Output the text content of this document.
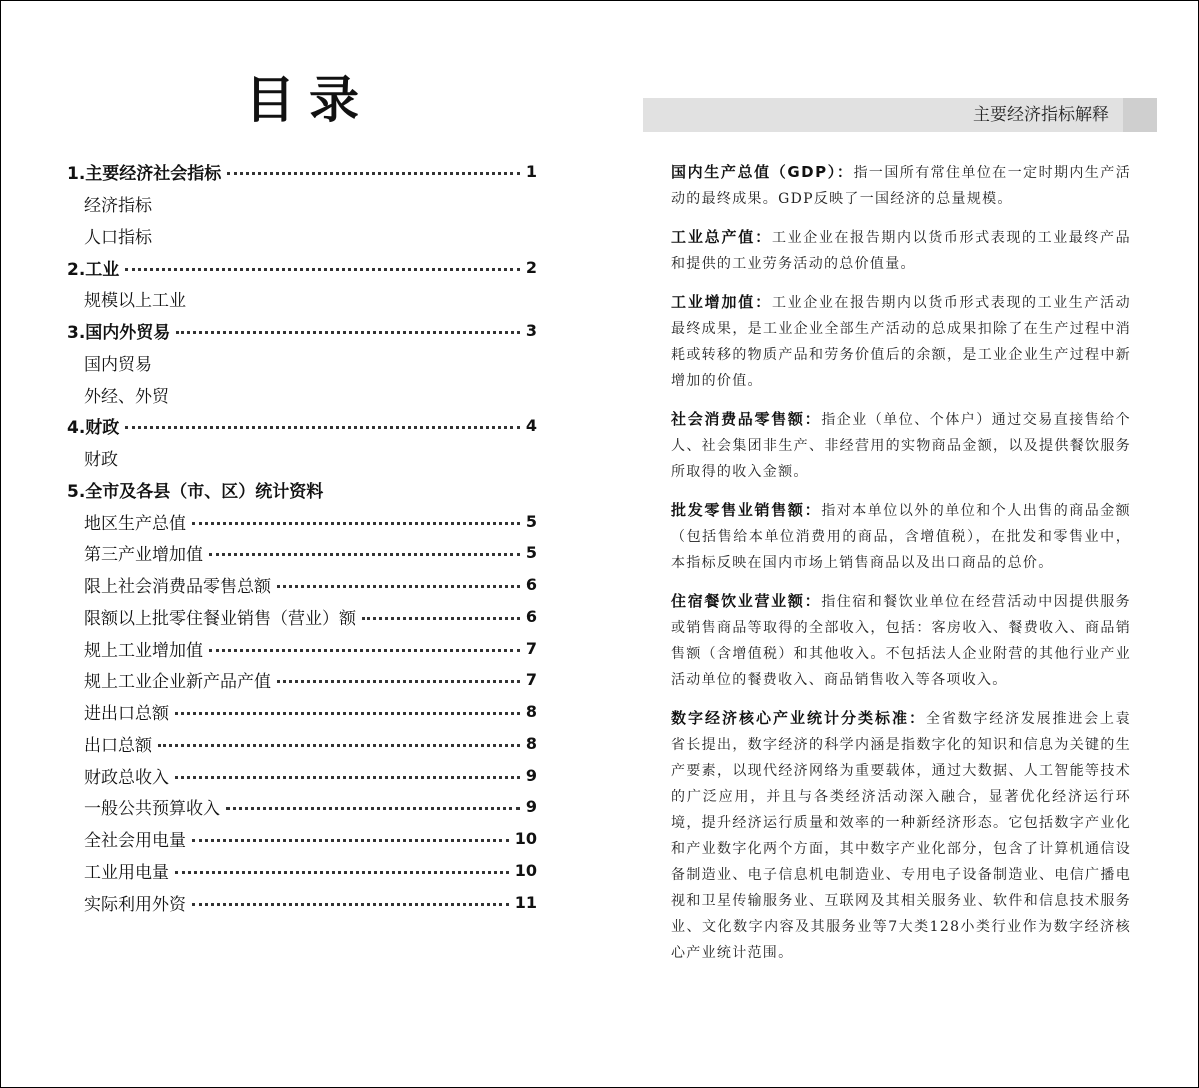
目录
1.主要经济社会指标	1
经济指标
人口指标
2.工业	2
规模以上工业
3.国内外贸易	3
国内贸易
外经、外贸
4.财政	4
财政
5.全市及各县（市、区）统计资料
地区生产总值	5
第三产业增加值	5
限上社会消费品零售总额	6
限额以上批零住餐业销售（营业）额	6
规上工业增加值	7
规上工业企业新产品产值	7
进出口总额	8
出口总额	8
财政总收入	9
一般公共预算收入	9
全社会用电量	10
工业用电量	10
实际利用外资	11
主要经济指标解释

国内生产总值（GDP）：指一国所有常住单位在一定时期内生产活动的最终成果。GDP反映了一国经济的总量规模。

工业总产值：工业企业在报告期内以货币形式表现的工业最终产品和提供的工业劳务活动的总价值量。

工业增加值：工业企业在报告期内以货币形式表现的工业生产活动最终成果，是工业企业全部生产活动的总成果扣除了在生产过程中消耗或转移的物质产品和劳务价值后的余额，是工业企业生产过程中新增加的价值。

社会消费品零售额：指企业（单位、个体户）通过交易直接售给个人、社会集团非生产、非经营用的实物商品金额，以及提供餐饮服务所取得的收入金额。

批发零售业销售额：指对本单位以外的单位和个人出售的商品金额（包括售给本单位消费用的商品，含增值税），在批发和零售业中，本指标反映在国内市场上销售商品以及出口商品的总价。

住宿餐饮业营业额：指住宿和餐饮业单位在经营活动中因提供服务或销售商品等取得的全部收入，包括：客房收入、餐费收入、商品销售额（含增值税）和其他收入。不包括法人企业附营的其他行业产业活动单位的餐费收入、商品销售收入等各项收入。

数字经济核心产业统计分类标准：全省数字经济发展推进会上袁省长提出，数字经济的科学内涵是指数字化的知识和信息为关键的生产要素，以现代经济网络为重要载体，通过大数据、人工智能等技术的广泛应用，并且与各类经济活动深入融合，显著优化经济运行环境，提升经济运行质量和效率的一种新经济形态。它包括数字产业化和产业数字化两个方面，其中数字产业化部分，包含了计算机通信设备制造业、电子信息机电制造业、专用电子设备制造业、电信广播电视和卫星传输服务业、互联网及其相关服务业、软件和信息技术服务业、文化数字内容及其服务业等7大类128小类行业作为数字经济核心产业统计范围。
